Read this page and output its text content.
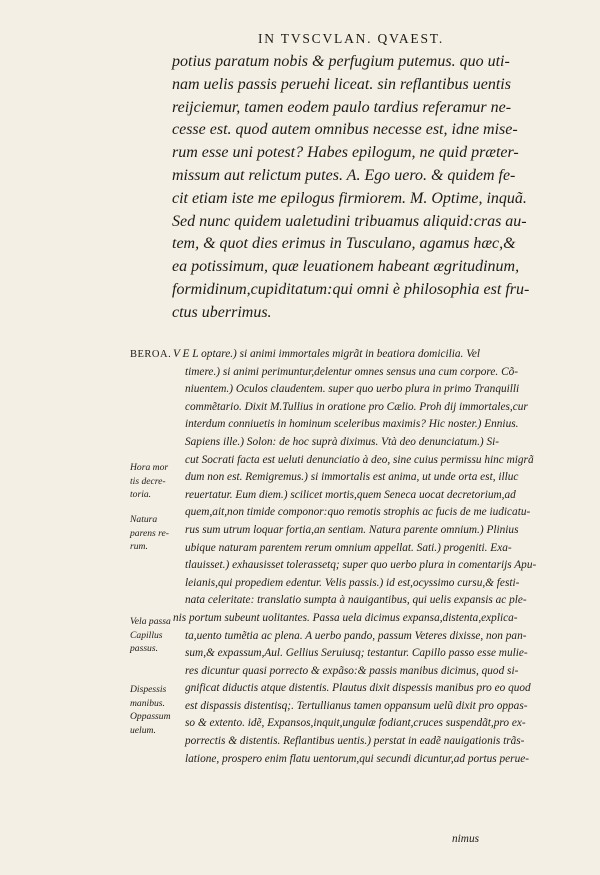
IN TVSCVLAN. QVAEST.
potius paratum nobis & perfugium putemus. quo uti-
nam uelis passis peruehi liceat. sin reflantibus uentis
reijciemur, tamen eodem paulo tardius referamur ne-
cesse est. quod autem omnibus necesse est, idne mise-
rum esse uni potest? Habes epilogum, ne quid præter-
missum aut relictum putes. A. Ego uero. & quidem fe-
cit etiam iste me epilogus firmiorem. M. Optime, inquã.
Sed nunc quidem ualetudini tribuamus aliquid:cras au-
tem, & quot dies erimus in Tusculano, agamus hæc,&
ea potissimum, quæ leuationem habeant ægritudinum,
formidinum,cupiditatum:qui omni è philosophia est fru-
ctus uberrimus.
V E L optare.) si animi immortales migrãt in beatiora domicilia. Vel
timere.) si animi perimuntur,delentur omnes sensus una cum corpore. Cõ-
niuentem.) Oculos claudentem. super quo uerbo plura in primo Tranquilli
commẽtario. Dixit M.Tullius in oratione pro Cælio. Proh dij immortales,cur
interdum conniuetis in hominum sceleribus maximis? Hic noster.) Ennius.
Sapiens ille.) Solon: de hoc suprà diximus. Vtà deo denunciatum.) Si-
cut Socrati facta est ueluti denunciatio à deo, sine cuius permissu hinc migrã
dum non est. Remigremus.) si immortalis est anima, ut unde orta est, illuc
reuertatur. Eum diem.) scilicet mortis,quem Seneca uocat decretorium,ad
quem,ait,non timide componor:quo remotis strophis ac fucis de me iudicatu-
rus sum utrum loquar fortia,an sentiam. Natura parente omnium.) Plinius
ubique naturam parentem rerum omnium appellat. Sati.) progeniti. Exa-
tlauisset.) exhausisset tolerassetq; super quo uerbo plura in comentarijs Apu-
leianis,qui propediem edentur. Velis passis.) id est,ocyssimo cursu,& festi-
nata celeritate: translatio sumpta à nauigantibus, qui uelis expansis ac ple-
nis portum subeunt uolitantes. Passa uela dicimus expansa,distenta,explica-
ta,uento tumẽtia ac plena. A uerbo pando, passum Veteres dixisse, non pan-
sum,& expassum,Aul. Gellius Seruiusq; testantur. Capillo passo esse mulie-
res dicuntur quasi porrecto & expãso:& passis manibus dicimus, quod si-
gnificat diductis atque distentis. Plautus dixit dispessis manibus pro eo quod
est dispassis distentisq;. Tertullianus tamen oppansum uelũ dixit pro oppas-
so & extento. idẽ, Expansos,inquit,ungulæ fodiant,cruces suspendãt,pro ex-
porrectis & distentis. Reflantibus uentis.) perstat in eadẽ nauigationis trãs-
latione, prospero enim flatu uentorum,qui secundi dicuntur,ad portus perue-
nimus
BEROA.
Hora mor
tis decre-
toria.
Natura
parens re-
rum.
Vela passa
Capillus
passus.
Dispessis
manibus.
Oppassum
uelum.
